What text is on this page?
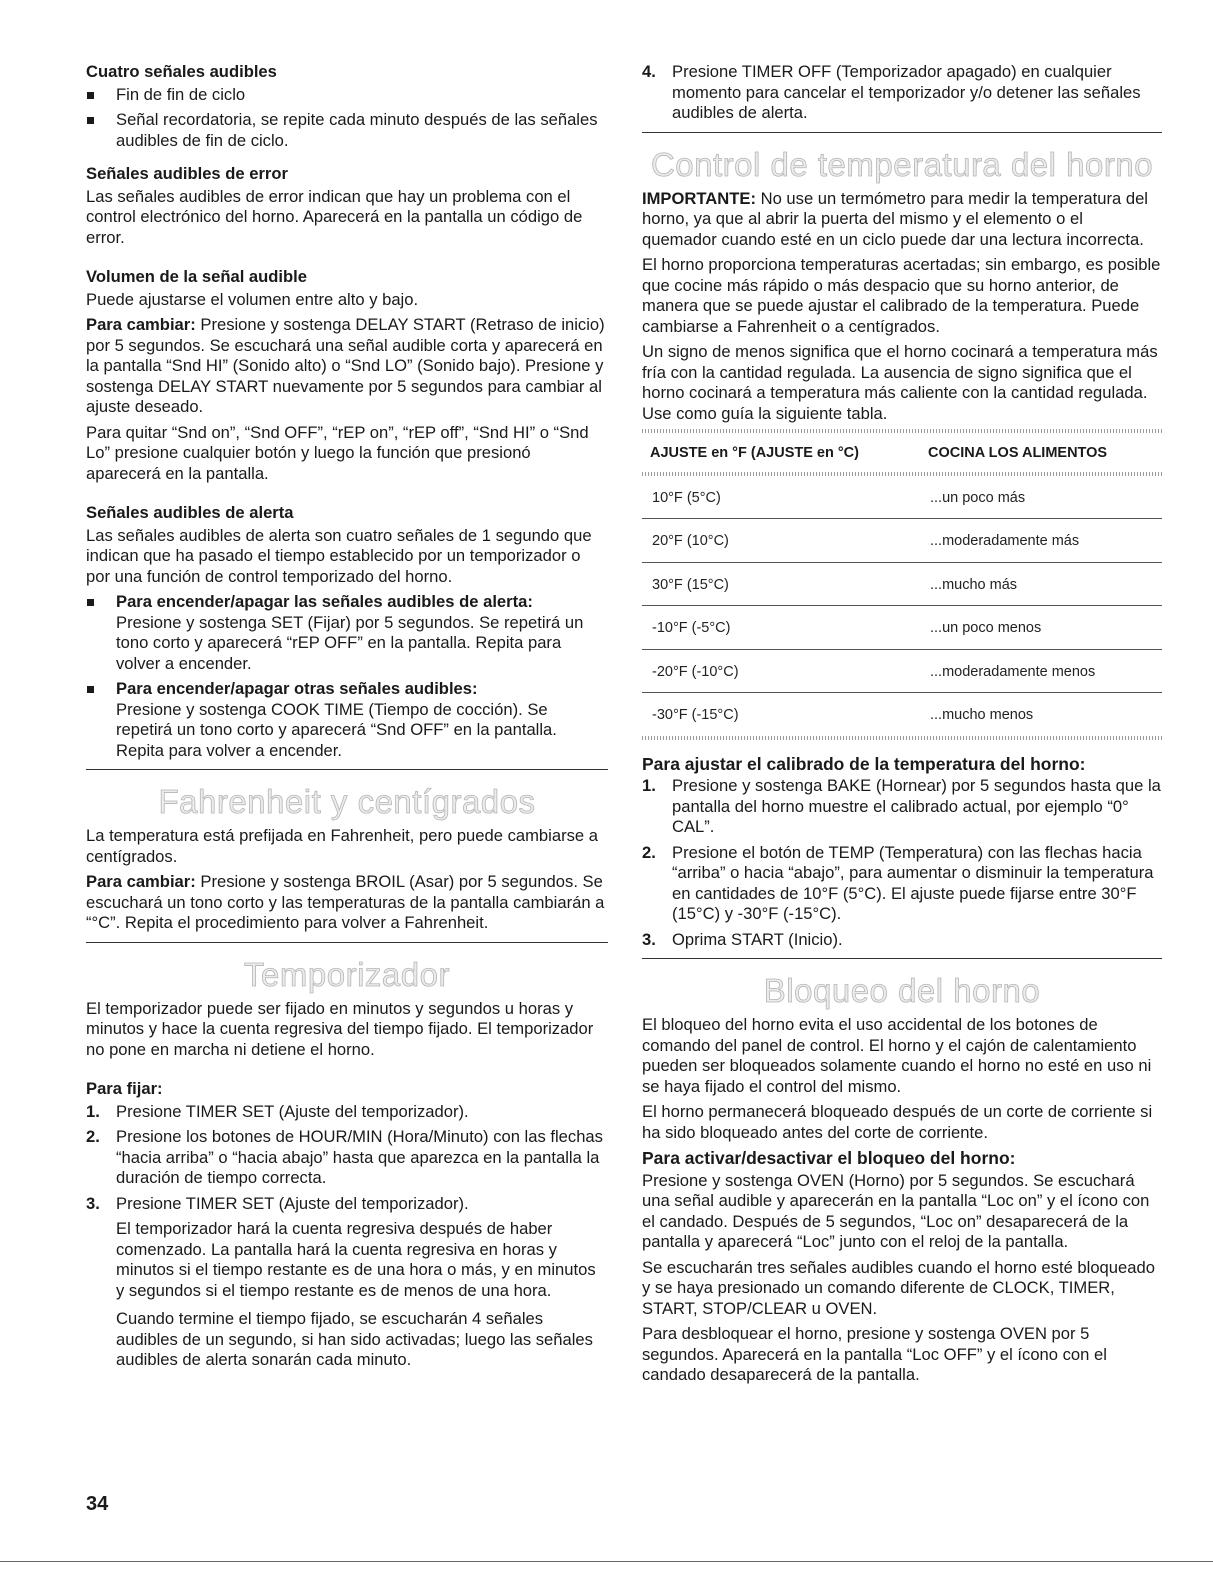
Cuatro señales audibles
Fin de fin de ciclo
Señal recordatoria, se repite cada minuto después de las señales audibles de fin de ciclo.
Señales audibles de error

Las señales audibles de error indican que hay un problema con el control electrónico del horno. Aparecerá en la pantalla un código de error.

Volumen de la señal audible

Puede ajustarse el volumen entre alto y bajo.

Para cambiar: Presione y sostenga DELAY START (Retraso de inicio) por 5 segundos. Se escuchará una señal audible corta y aparecerá en la pantalla “Snd HI” (Sonido alto) o “Snd LO” (Sonido bajo). Presione y sostenga DELAY START nuevamente por 5 segundos para cambiar al ajuste deseado.

Para quitar “Snd on”, “Snd OFF”, “rEP on”, “rEP off”, “Snd HI” o “Snd Lo” presione cualquier botón y luego la función que presionó aparecerá en la pantalla.

Señales audibles de alerta

Las señales audibles de alerta son cuatro señales de 1 segundo que indican que ha pasado el tiempo establecido por un temporizador o por una función de control temporizado del horno.

Para encender/apagar las señales audibles de alerta:
Presione y sostenga SET (Fijar) por 5 segundos. Se repetirá un tono corto y aparecerá “rEP OFF” en la pantalla. Repita para volver a encender.
Para encender/apagar otras señales audibles:
Presione y sostenga COOK TIME (Tiempo de cocción). Se repetirá un tono corto y aparecerá “Snd OFF” en la pantalla. Repita para volver a encender.
Fahrenheit y centígrados

La temperatura está prefijada en Fahrenheit, pero puede cambiarse a centígrados.

Para cambiar: Presione y sostenga BROIL (Asar) por 5 segundos. Se escuchará un tono corto y las temperaturas de la pantalla cambiarán a “°C”. Repita el procedimiento para volver a Fahrenheit.

Temporizador

El temporizador puede ser fijado en minutos y segundos u horas y minutos y hace la cuenta regresiva del tiempo fijado. El temporizador no pone en marcha ni detiene el horno.

Para fijar:
1. Presione TIMER SET (Ajuste del temporizador).
2. Presione los botones de HOUR/MIN (Hora/Minuto) con las flechas “hacia arriba” o “hacia abajo” hasta que aparezca en la pantalla la duración de tiempo correcta.
3. Presione TIMER SET (Ajuste del temporizador).

El temporizador hará la cuenta regresiva después de haber comenzado. La pantalla hará la cuenta regresiva en horas y minutos si el tiempo restante es de una hora o más, y en minutos y segundos si el tiempo restante es de menos de una hora.

Cuando termine el tiempo fijado, se escucharán 4 señales audibles de un segundo, si han sido activadas; luego las señales audibles de alerta sonarán cada minuto.

4. Presione TIMER OFF (Temporizador apagado) en cualquier momento para cancelar el temporizador y/o detener las señales audibles de alerta.
Control de temperatura del horno

IMPORTANTE: No use un termómetro para medir la temperatura del horno, ya que al abrir la puerta del mismo y el elemento o el quemador cuando esté en un ciclo puede dar una lectura incorrecta.

El horno proporciona temperaturas acertadas; sin embargo, es posible que cocine más rápido o más despacio que su horno anterior, de manera que se puede ajustar el calibrado de la temperatura. Puede cambiarse a Fahrenheit o a centígrados.

Un signo de menos significa que el horno cocinará a temperatura más fría con la cantidad regulada. La ausencia de signo significa que el horno cocinará a temperatura más caliente con la cantidad regulada. Use como guía la siguiente tabla.

AJUSTE en °F (AJUSTE en °C)	COCINA LOS ALIMENTOS

10°F (5°C)	...un poco más
20°F (10°C)	...moderadamente más
30°F (15°C)	...mucho más
-10°F (-5°C)	...un poco menos
-20°F (-10°C)	...moderadamente menos
-30°F (-15°C)	...mucho menos
Para ajustar el calibrado de la temperatura del horno:
1. Presione y sostenga BAKE (Hornear) por 5 segundos hasta que la pantalla del horno muestre el calibrado actual, por ejemplo “0° CAL”.
2. Presione el botón de TEMP (Temperatura) con las flechas hacia “arriba” o hacia “abajo”, para aumentar o disminuir la temperatura en cantidades de 10°F (5°C). El ajuste puede fijarse entre 30°F (15°C) y -30°F (-15°C).
3. Oprima START (Inicio).
Bloqueo del horno

El bloqueo del horno evita el uso accidental de los botones de comando del panel de control. El horno y el cajón de calentamiento pueden ser bloqueados solamente cuando el horno no esté en uso ni se haya fijado el control del mismo.

El horno permanecerá bloqueado después de un corte de corriente si ha sido bloqueado antes del corte de corriente.

Para activar/desactivar el bloqueo del horno:

Presione y sostenga OVEN (Horno) por 5 segundos. Se escuchará una señal audible y aparecerán en la pantalla “Loc on” y el ícono con el candado. Después de 5 segundos, “Loc on” desaparecerá de la pantalla y aparecerá “Loc” junto con el reloj de la pantalla.

Se escucharán tres señales audibles cuando el horno esté bloqueado y se haya presionado un comando diferente de CLOCK, TIMER, START, STOP/CLEAR u OVEN.

Para desbloquear el horno, presione y sostenga OVEN por 5 segundos. Aparecerá en la pantalla “Loc OFF” y el ícono con el candado desaparecerá de la pantalla.

34
